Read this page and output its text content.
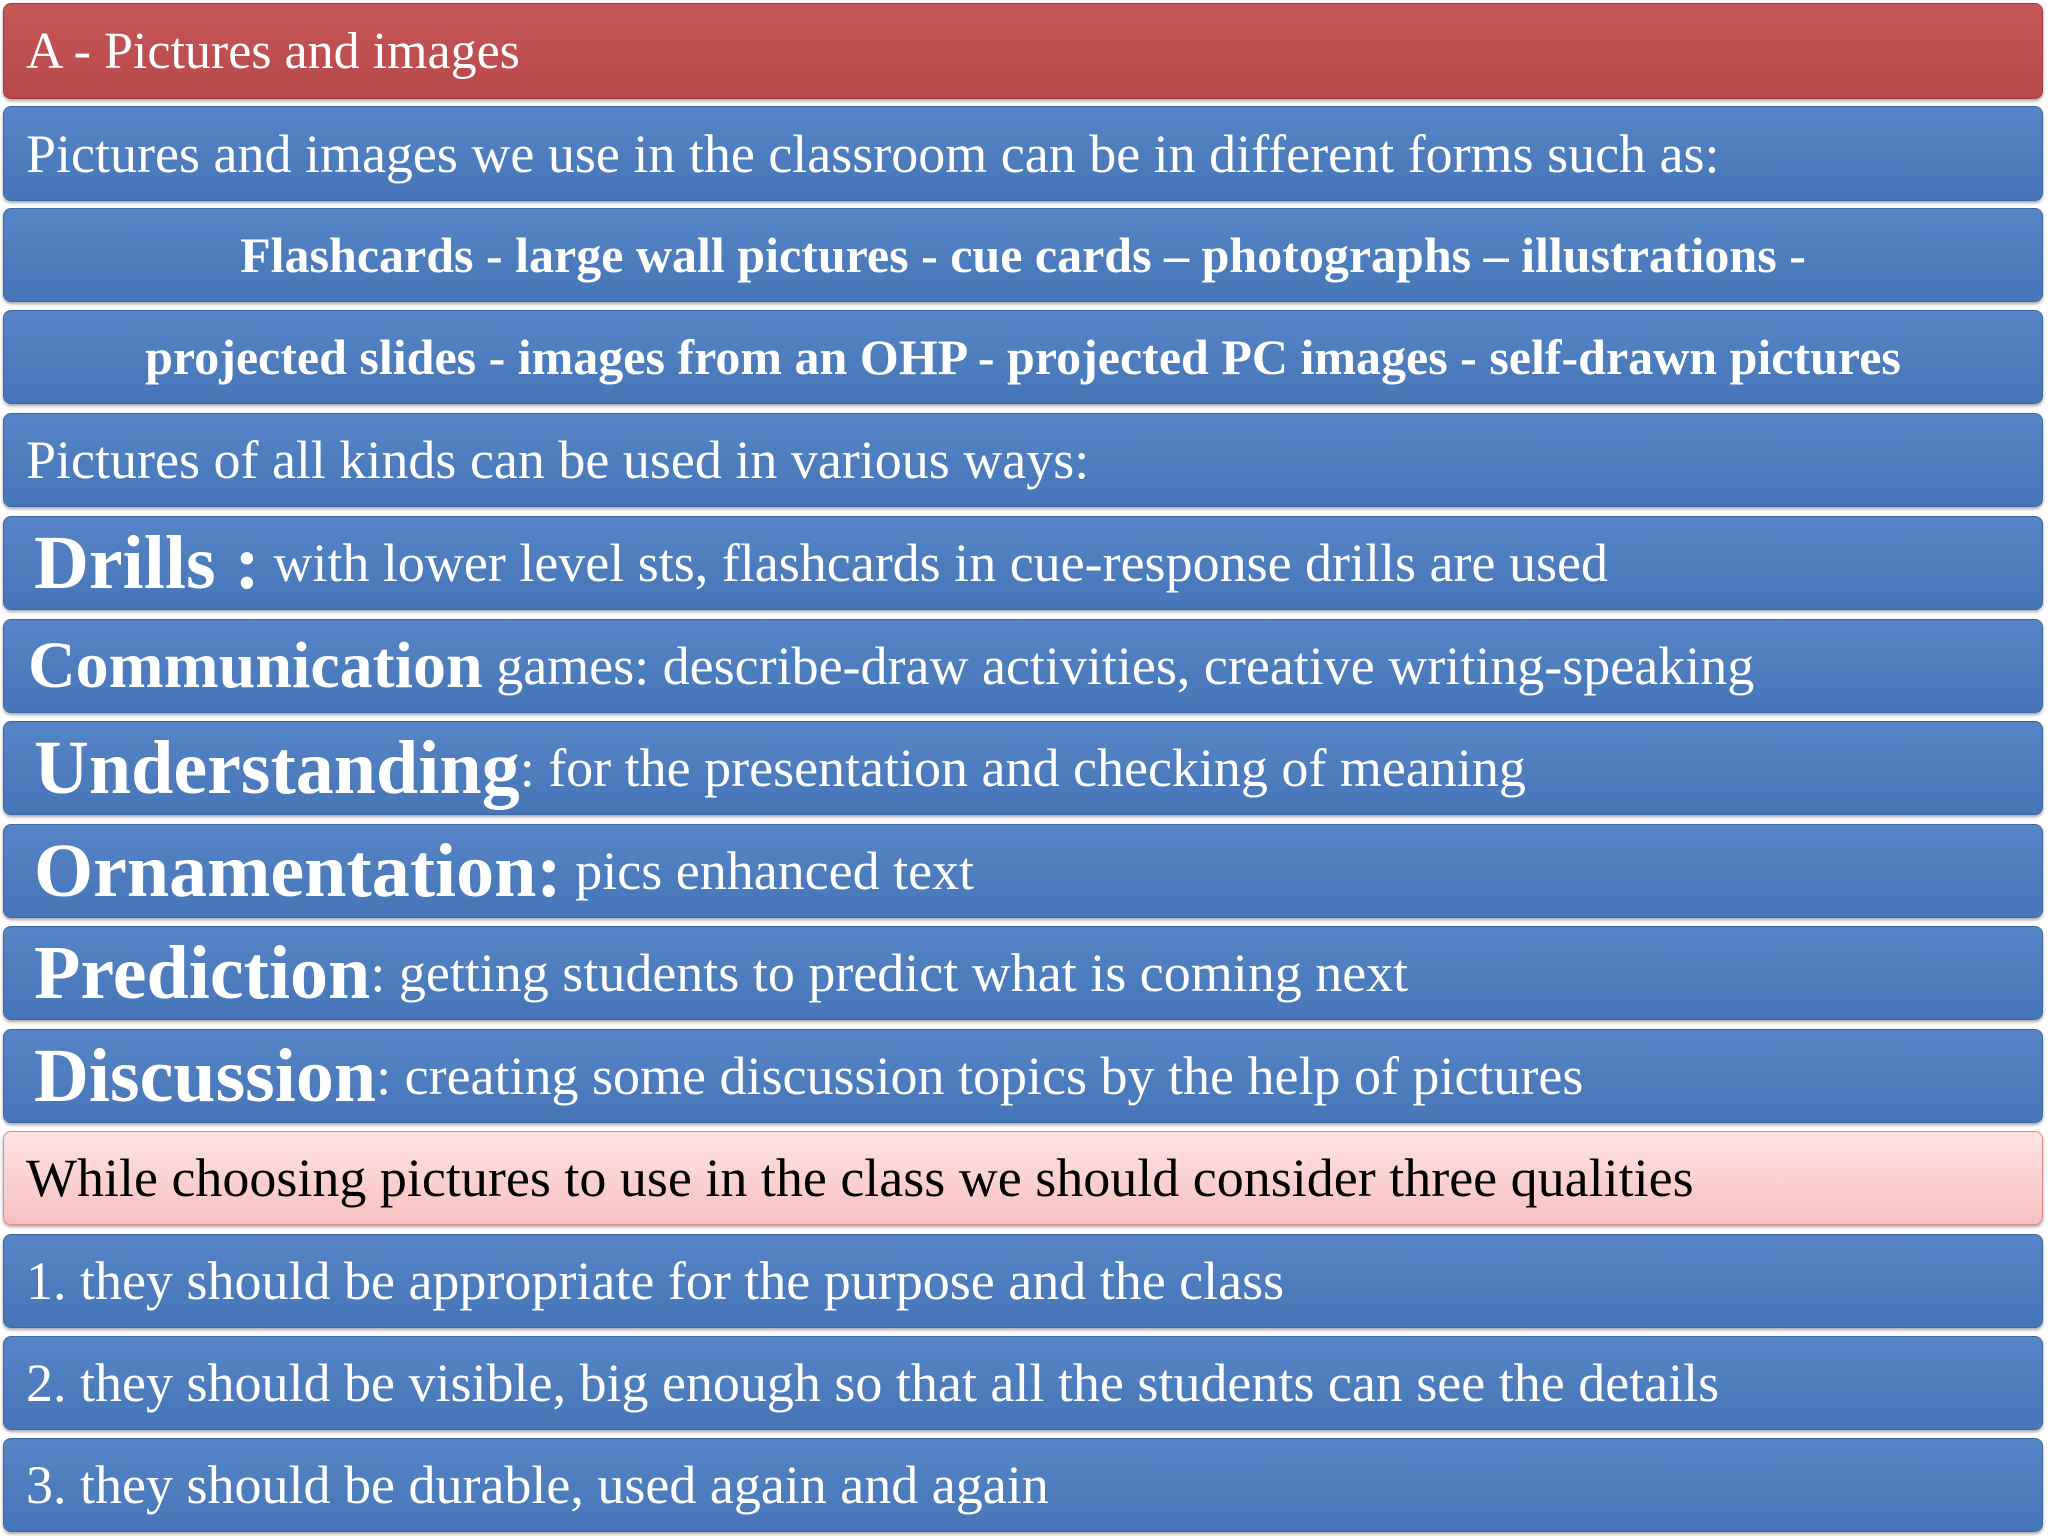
A - Pictures and images
Pictures and images we use in the classroom can be in different forms such as:
Flashcards - large wall pictures - cue cards – photographs – illustrations -
projected slides - images from an OHP - projected PC images - self-drawn pictures
Pictures of all kinds can be used in various ways:
Drills : with lower level sts, flashcards in cue-response drills are used
Communication games: describe-draw activities, creative writing-speaking
Understanding : for the presentation and checking of meaning
Ornamentation: pics enhanced text
Prediction : getting students to predict what is coming next
Discussion : creating some discussion topics by the help of pictures
While choosing pictures to use in the class we should consider three qualities
1. they should be appropriate for the purpose and the class
2. they should be visible, big enough so that all the students can see the details
3. they should be durable, used again and again
